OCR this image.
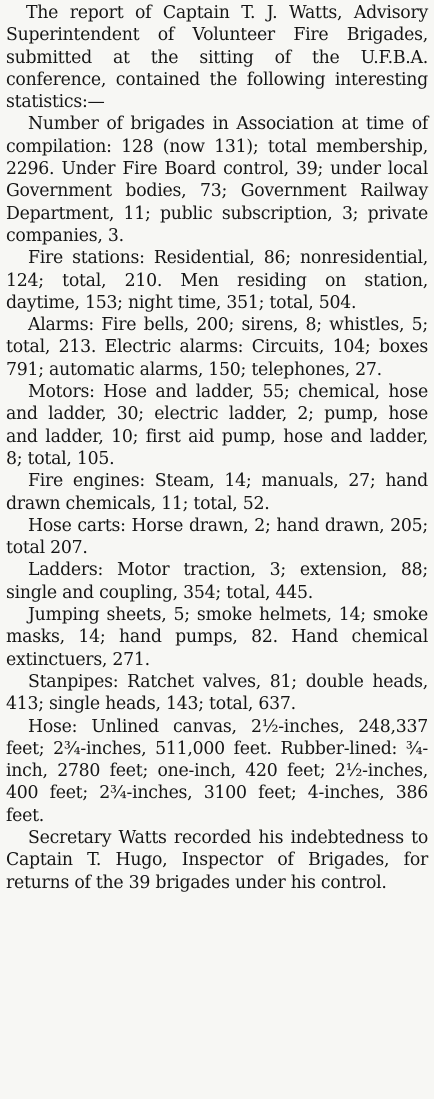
The report of Captain T. J. Watts, Advisory Superintendent of Volunteer Fire Brigades, submitted at the sitting of the U.F.B.A. conference, contained the following interesting statistics:—

Number of brigades in Association at time of compilation: 128 (now 131); total membership, 2296. Under Fire Board control, 39; under local Government bodies, 73; Government Railway Department, 11; public subscription, 3; private companies, 3.

Fire stations: Residential, 86; nonresidential, 124; total, 210. Men residing on station, daytime, 153; night time, 351; total, 504.

Alarms: Fire bells, 200; sirens, 8; whistles, 5; total, 213. Electric alarms: Circuits, 104; boxes 791; automatic alarms, 150; telephones, 27.

Motors: Hose and ladder, 55; chemical, hose and ladder, 30; electric ladder, 2; pump, hose and ladder, 10; first aid pump, hose and ladder, 8; total, 105.

Fire engines: Steam, 14; manuals, 27; hand drawn chemicals, 11; total, 52.

Hose carts: Horse drawn, 2; hand drawn, 205; total 207.

Ladders: Motor traction, 3; extension, 88; single and coupling, 354; total, 445.

Jumping sheets, 5; smoke helmets, 14; smoke masks, 14; hand pumps, 82. Hand chemical extinctuers, 271.

Stanpipes: Ratchet valves, 81; double heads, 413; single heads, 143; total, 637.

Hose: Unlined canvas, 2½-inches, 248,337 feet; 2¾-inches, 511,000 feet. Rubber-lined: ¾-inch, 2780 feet; one-inch, 420 feet; 2½-inches, 400 feet; 2¾-inches, 3100 feet; 4-inches, 386 feet.

Secretary Watts recorded his indebtedness to Captain T. Hugo, Inspector of Brigades, for returns of the 39 brigades under his control.
